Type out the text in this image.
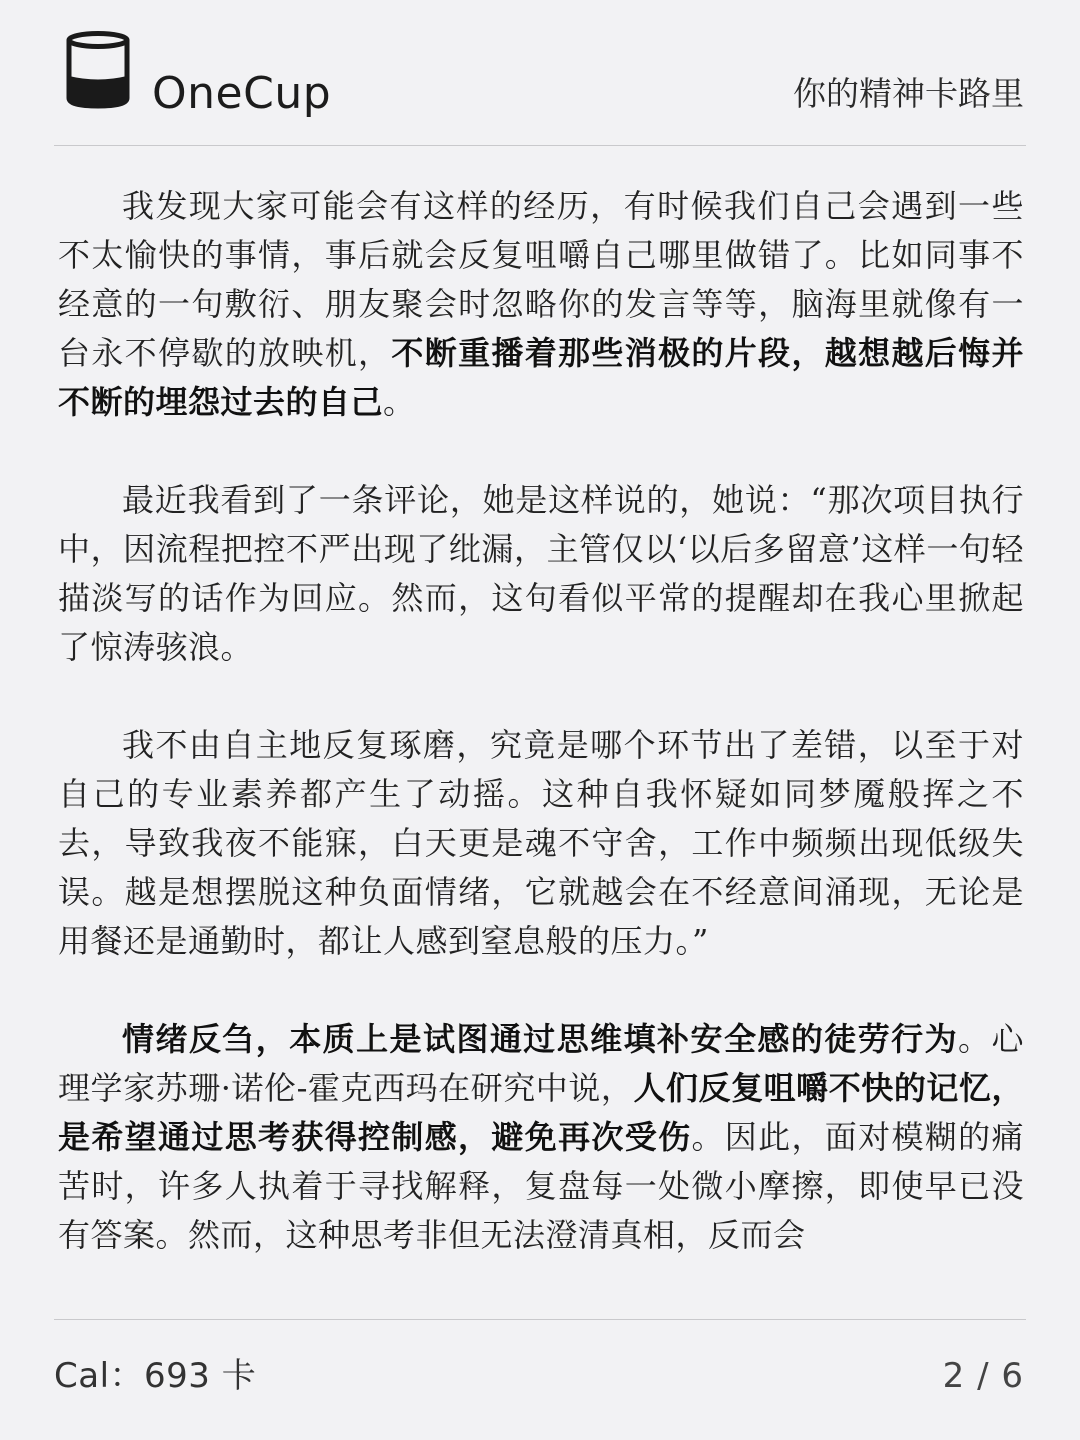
OneCup	你的精神卡路里

我发现大家可能会有这样的经历，有时候我们自己会遇到一些不太愉快的事情，事后就会反复咀嚼自己哪里做错了。比如同事不经意的一句敷衍、朋友聚会时忽略你的发言等等，脑海里就像有一台永不停歇的放映机，不断重播着那些消极的片段，越想越后悔并不断的埋怨过去的自己。

最近我看到了一条评论，她是这样说的，她说：“那次项目执行中，因流程把控不严出现了纰漏，主管仅以‘以后多留意’这样一句轻描淡写的话作为回应。然而，这句看似平常的提醒却在我心里掀起了惊涛骇浪。

我不由自主地反复琢磨，究竟是哪个环节出了差错，以至于对自己的专业素养都产生了动摇。这种自我怀疑如同梦魇般挥之不去，导致我夜不能寐，白天更是魂不守舍，工作中频频出现低级失误。越是想摆脱这种负面情绪，它就越会在不经意间涌现，无论是用餐还是通勤时，都让人感到窒息般的压力。”

情绪反刍，本质上是试图通过思维填补安全感的徒劳行为。心理学家苏珊·诺伦-霍克西玛在研究中说，人们反复咀嚼不快的记忆，是希望通过思考获得控制感，避免再次受伤。因此，面对模糊的痛苦时，许多人执着于寻找解释，复盘每一处微小摩擦，即使早已没有答案。然而，这种思考非但无法澄清真相，反而会

Cal：693 卡	2 / 6
